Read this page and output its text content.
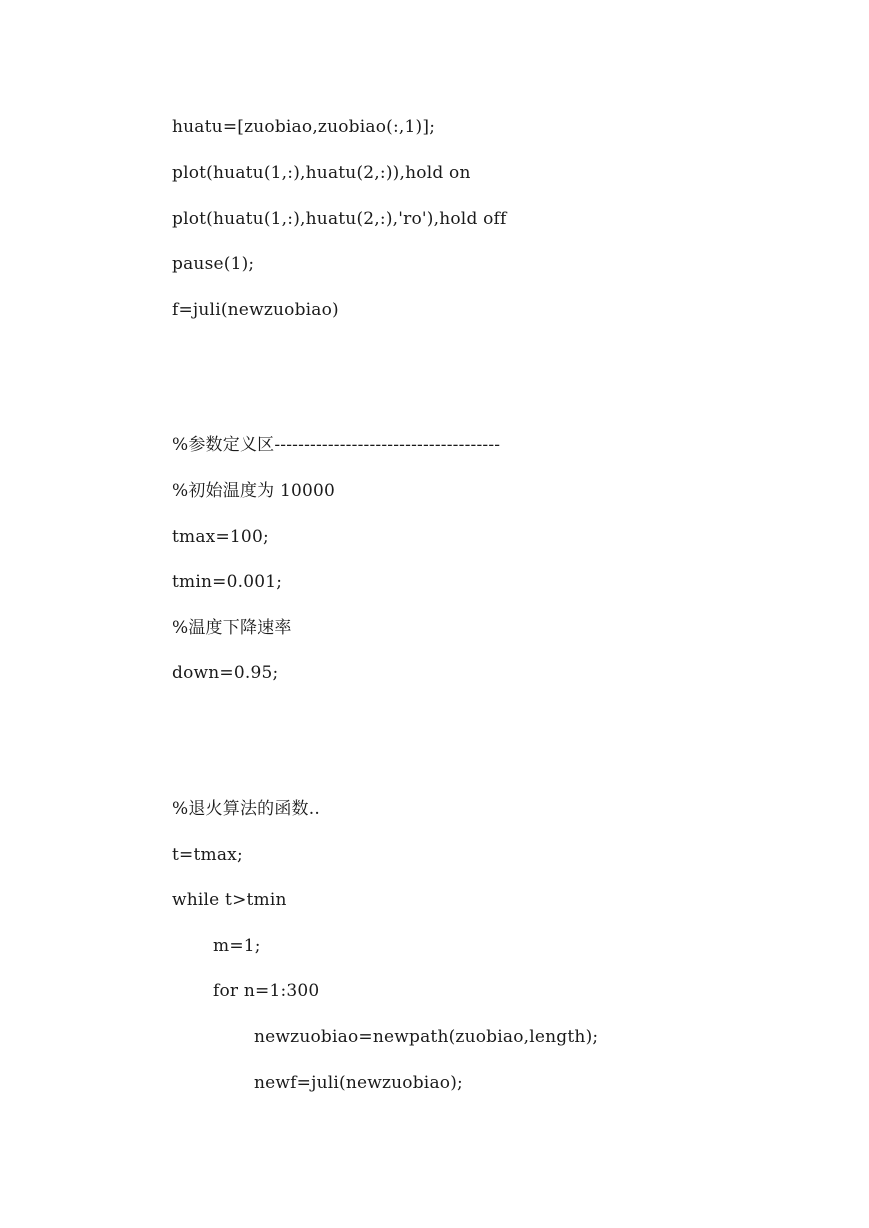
huatu=[zuobiao,zuobiao(:,1)];
plot(huatu(1,:),huatu(2,:)),hold on
plot(huatu(1,:),huatu(2,:),'ro'),hold off
pause(1);
f=juli(newzuobiao)
%参数定义区--------------------------------------
%初始温度为 10000
tmax=100;
tmin=0.001;
%温度下降速率
down=0.95;
%退火算法的函数..
t=tmax;
while t>tmin
m=1;
for n=1:300
newzuobiao=newpath(zuobiao,length);
newf=juli(newzuobiao);
